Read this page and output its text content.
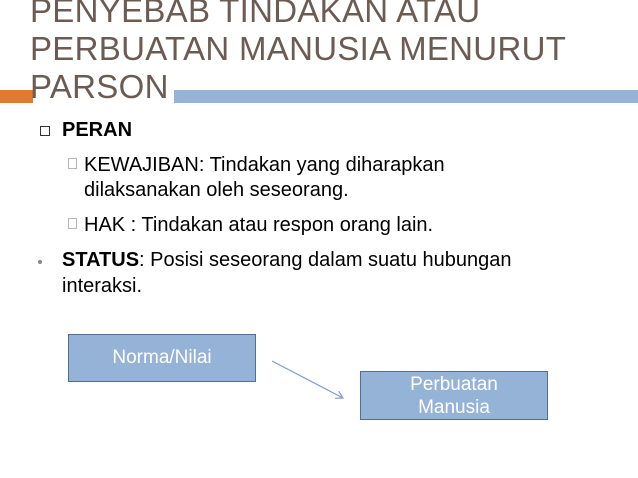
PENYEBAB TINDAKAN ATAU
PERBUATAN MANUSIA MENURUT
PARSON
PERAN
KEWAJIBAN: Tindakan yang diharapkan
dilaksanakan oleh seseorang.
HAK : Tindakan atau respon orang lain.
STATUS: Posisi seseorang dalam suatu hubungan
interaksi.
Norma/Nilai
Perbuatan
Manusia
